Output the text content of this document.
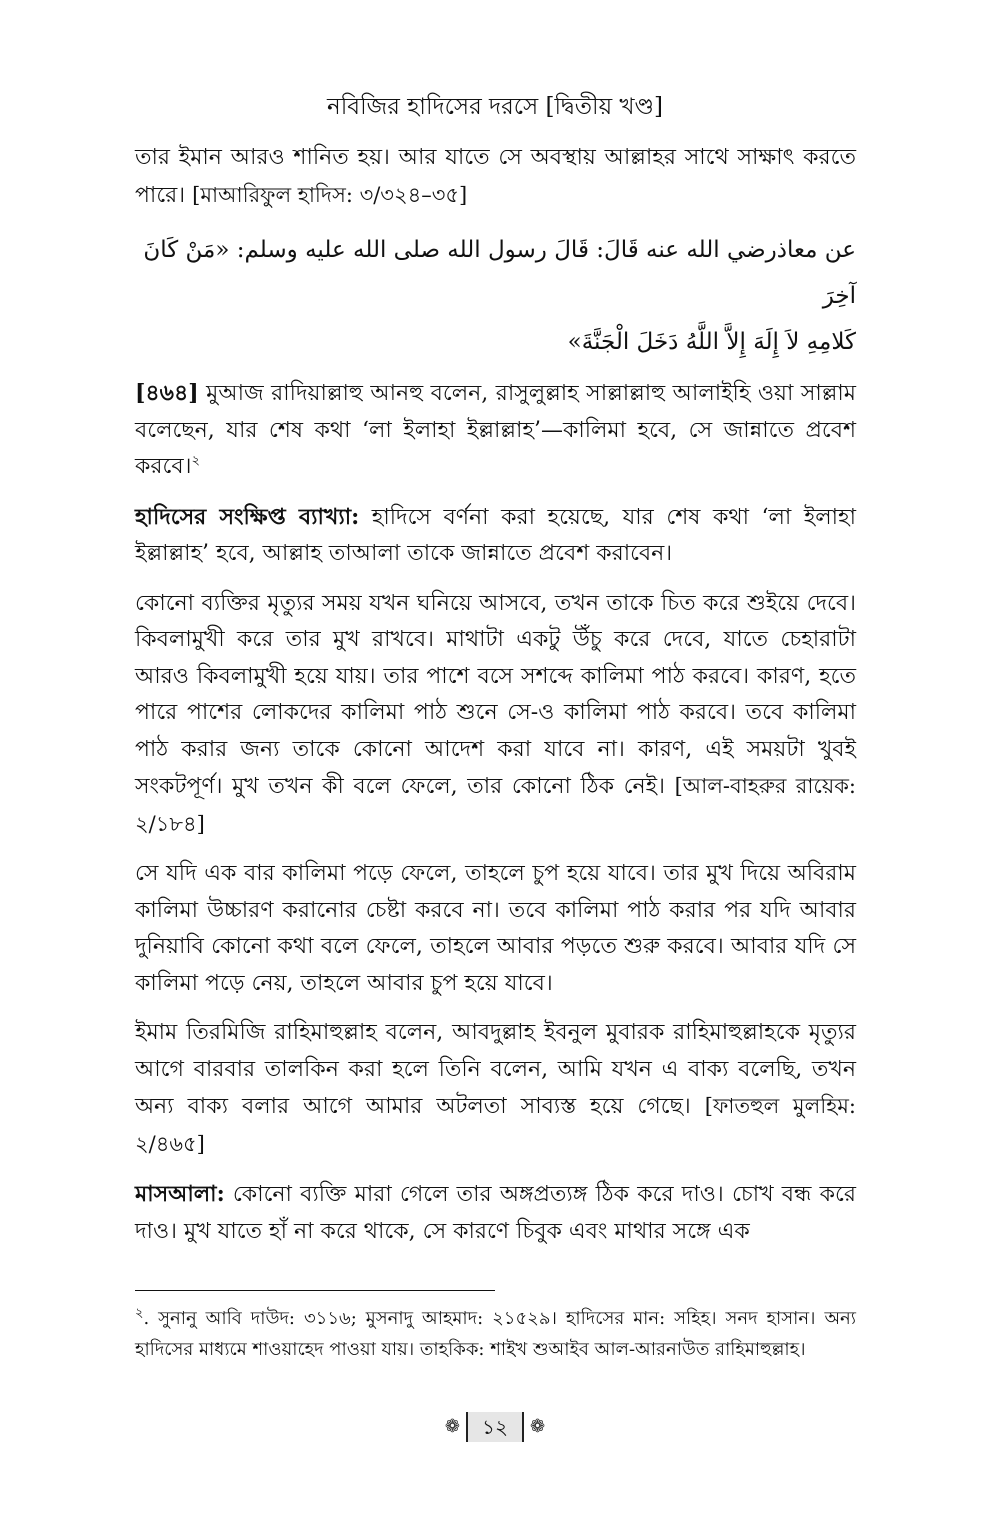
নবিজির হাদিসের দরসে [দ্বিতীয় খণ্ড]

তার ইমান আরও শানিত হয়। আর যাতে সে অবস্থায় আল্লাহর সাথে সাক্ষাৎ করতে পারে। [মাআরিফুল হাদিস: ৩/৩২৪–৩৫]

عن معاذرضي الله عنه قَالَ: قَالَ رسول الله صلى الله عليه وسلم: «مَنْ كَانَ آخِرَ
كَلامِهِ لاَ إِلَهَ إِلاَّ اللَّهُ دَخَلَ الْجَنَّةَ»

[৪৬৪] মুআজ রাদিয়াল্লাহু আনহু বলেন, রাসুলুল্লাহ সাল্লাল্লাহু আলাইহি ওয়া সাল্লাম বলেছেন, যার শেষ কথা ‘লা ইলাহা ইল্লাল্লাহ’—কালিমা হবে, সে জান্নাতে প্রবেশ করবে।$^২$

হাদিসের সংক্ষিপ্ত ব্যাখ্যা: হাদিসে বর্ণনা করা হয়েছে, যার শেষ কথা ‘লা ইলাহা ইল্লাল্লাহ’ হবে, আল্লাহ তাআলা তাকে জান্নাতে প্রবেশ করাবেন।

কোনো ব্যক্তির মৃত্যুর সময় যখন ঘনিয়ে আসবে, তখন তাকে চিত করে শুইয়ে দেবে। কিবলামুখী করে তার মুখ রাখবে। মাথাটা একটু উঁচু করে দেবে, যাতে চেহারাটা আরও কিবলামুখী হয়ে যায়। তার পাশে বসে সশব্দে কালিমা পাঠ করবে। কারণ, হতে পারে পাশের লোকদের কালিমা পাঠ শুনে সে-ও কালিমা পাঠ করবে। তবে কালিমা পাঠ করার জন্য তাকে কোনো আদেশ করা যাবে না। কারণ, এই সময়টা খুবই সংকটপূর্ণ। মুখ তখন কী বলে ফেলে, তার কোনো ঠিক নেই। [আল-বাহরুর রায়েক: ২/১৮৪]

সে যদি এক বার কালিমা পড়ে ফেলে, তাহলে চুপ হয়ে যাবে। তার মুখ দিয়ে অবিরাম কালিমা উচ্চারণ করানোর চেষ্টা করবে না। তবে কালিমা পাঠ করার পর যদি আবার দুনিয়াবি কোনো কথা বলে ফেলে, তাহলে আবার পড়তে শুরু করবে। আবার যদি সে কালিমা পড়ে নেয়, তাহলে আবার চুপ হয়ে যাবে।

ইমাম তিরমিজি রাহিমাহুল্লাহ বলেন, আবদুল্লাহ ইবনুল মুবারক রাহিমাহুল্লাহকে মৃত্যুর আগে বারবার তালকিন করা হলে তিনি বলেন, আমি যখন এ বাক্য বলেছি, তখন অন্য বাক্য বলার আগে আমার অটলতা সাব্যস্ত হয়ে গেছে। [ফাতহুল মুলহিম: ২/৪৬৫]

মাসআলা: কোনো ব্যক্তি মারা গেলে তার অঙ্গপ্রত্যঙ্গ ঠিক করে দাও। চোখ বন্ধ করে দাও। মুখ যাতে হাঁ না করে থাকে, সে কারণে চিবুক এবং মাথার সঙ্গে এক

$^২$. সুনানু আবি দাউদ: ৩১১৬; মুসনাদু আহমাদ: ২১৫২৯। হাদিসের মান: সহিহ। সনদ হাসান। অন্য হাদিসের মাধ্যমে শাওয়াহেদ পাওয়া যায়। তাহকিক: শাইখ শুআইব আল-আরনাউত রাহিমাহুল্লাহ।

❁	১২	❁
